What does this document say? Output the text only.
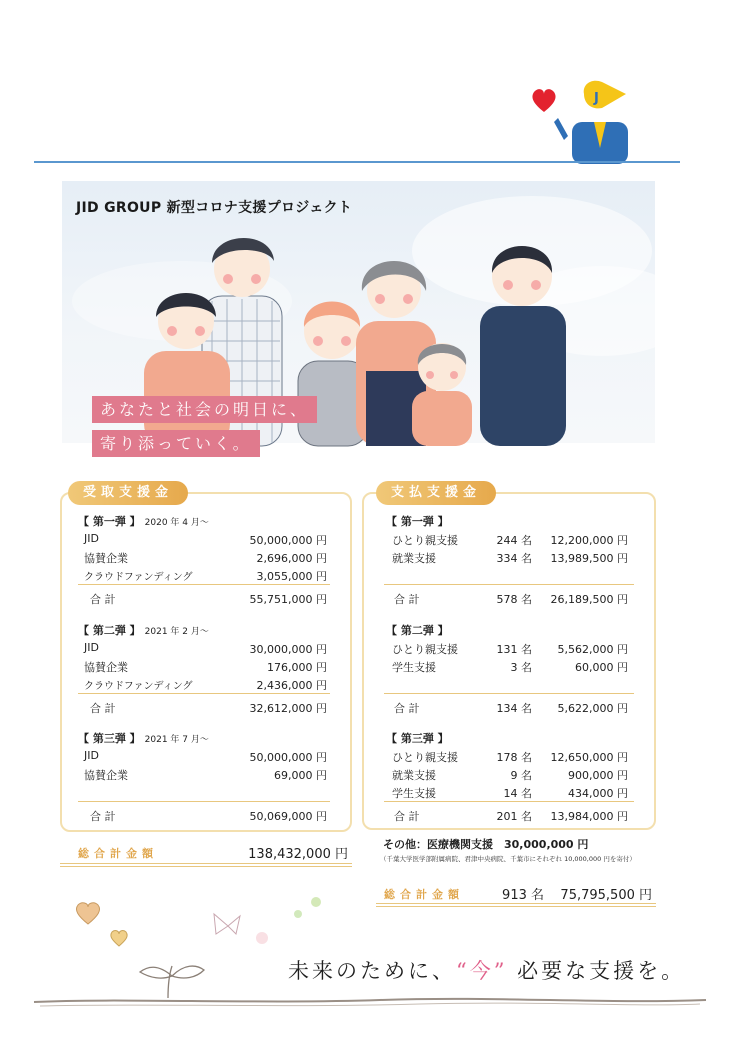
J
JID GROUP 新型コロナ支援プロジェクト
あなたと社会の明日に、
寄り添っていく。
受取支援金
【 第一弾 】 2020 年 4 月〜
JID	50,000,000 円
協賛企業	2,696,000 円
クラウドファンディング	3,055,000 円
合 計	55,751,000 円
【 第二弾 】 2021 年 2 月〜
JID	30,000,000 円
協賛企業	176,000 円
クラウドファンディング	2,436,000 円
合 計	32,612,000 円
【 第三弾 】 2021 年 7 月〜
JID	50,000,000 円
協賛企業	69,000 円
合 計	50,069,000 円
総合計金額	138,432,000 円
支払支援金
【 第一弾 】
ひとり親支援	244 名 12,200,000 円
就業支援	334 名 13,989,500 円
合 計	578 名 26,189,500 円
【 第二弾 】
ひとり親支援	131 名 5,562,000 円
学生支援	3 名	60,000 円
合 計	134 名 5,622,000 円
【 第三弾 】
ひとり親支援	178 名 12,650,000 円
就業支援	9 名	900,000 円
学生支援	14 名	434,000 円
合 計	201 名 13,984,000 円
その他：医療機関支援　30,000,000 円
（千葉大学医学部附属病院、君津中央病院、千葉市にそれぞれ 10,000,000 円を寄付）
総合計金額	913 名 75,795,500 円
未来のために、“今” 必要な支援を。
